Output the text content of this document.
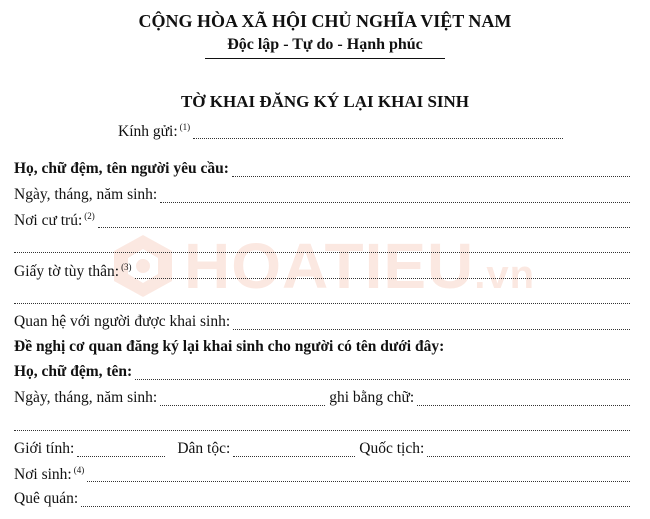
HOATIEU.vn
CỘNG HÒA XÃ HỘI CHỦ NGHĨA VIỆT NAM
Độc lập - Tự do - Hạnh phúc
TỜ KHAI ĐĂNG KÝ LẠI KHAI SINH
Kính gửi: $^{(1)}$
Họ, chữ đệm, tên người yêu cầu:
Ngày, tháng, năm sinh:
Nơi cư trú: $^{(2)}$
Giấy tờ tùy thân: $^{(3)}$
Quan hệ với người được khai sinh:
Đề nghị cơ quan đăng ký lại khai sinh cho người có tên dưới đây:
Họ, chữ đệm, tên:
Ngày, tháng, năm sinh:	ghi bằng chữ:
Giới tính:	Dân tộc:	Quốc tịch:
Nơi sinh: $^{(4)}$
Quê quán:
